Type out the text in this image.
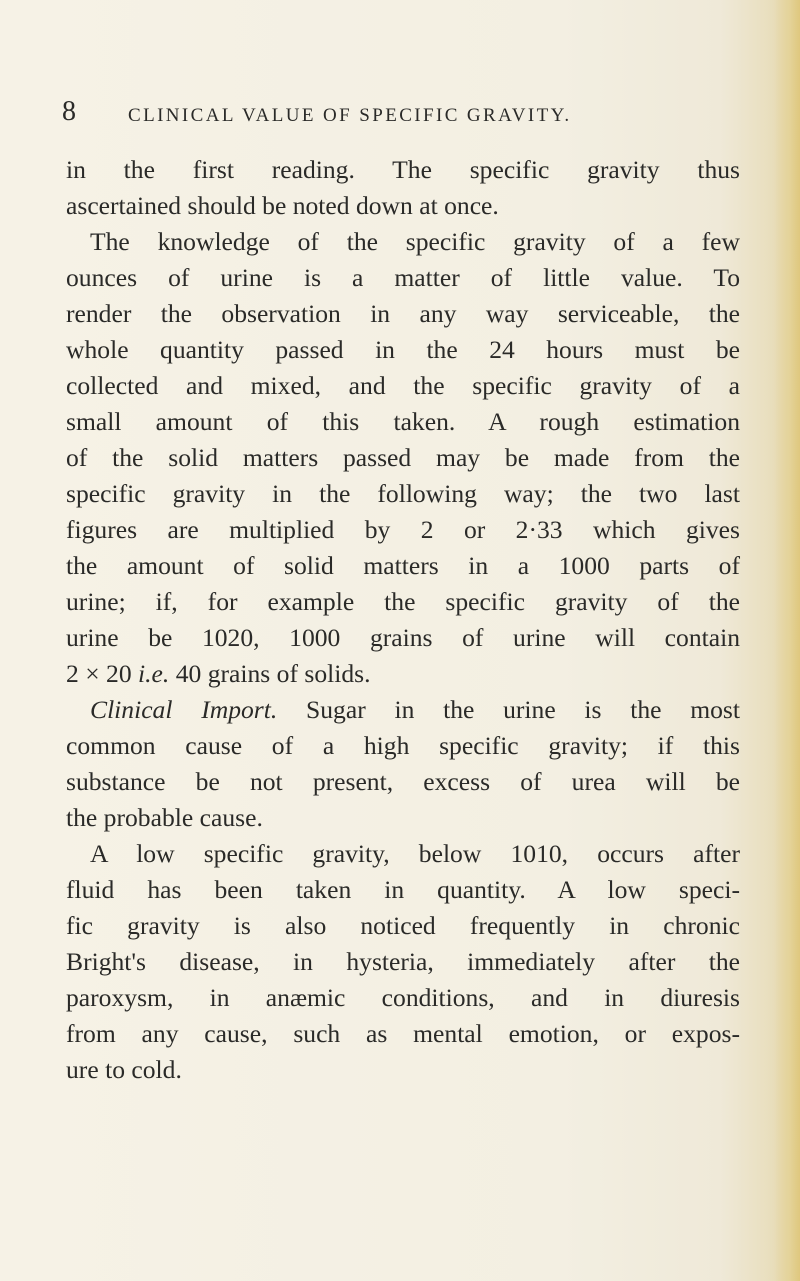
8	CLINICAL VALUE OF SPECIFIC GRAVITY.
in the first reading. The specific gravity thus
ascertained should be noted down at once.
The knowledge of the specific gravity of a few
ounces of urine is a matter of little value. To
render the observation in any way serviceable, the
whole quantity passed in the 24 hours must be
collected and mixed, and the specific gravity of a
small amount of this taken. A rough estimation
of the solid matters passed may be made from the
specific gravity in the following way; the two last
figures are multiplied by 2 or 2·33 which gives
the amount of solid matters in a 1000 parts of
urine; if, for example the specific gravity of the
urine be 1020, 1000 grains of urine will contain
2 × 20 i.e. 40 grains of solids.
Clinical Import. Sugar in the urine is the most
common cause of a high specific gravity; if this
substance be not present, excess of urea will be
the probable cause.
A low specific gravity, below 1010, occurs after
fluid has been taken in quantity. A low speci-
fic gravity is also noticed frequently in chronic
Bright's disease, in hysteria, immediately after the
paroxysm, in anæmic conditions, and in diuresis
from any cause, such as mental emotion, or expos-
ure to cold.
